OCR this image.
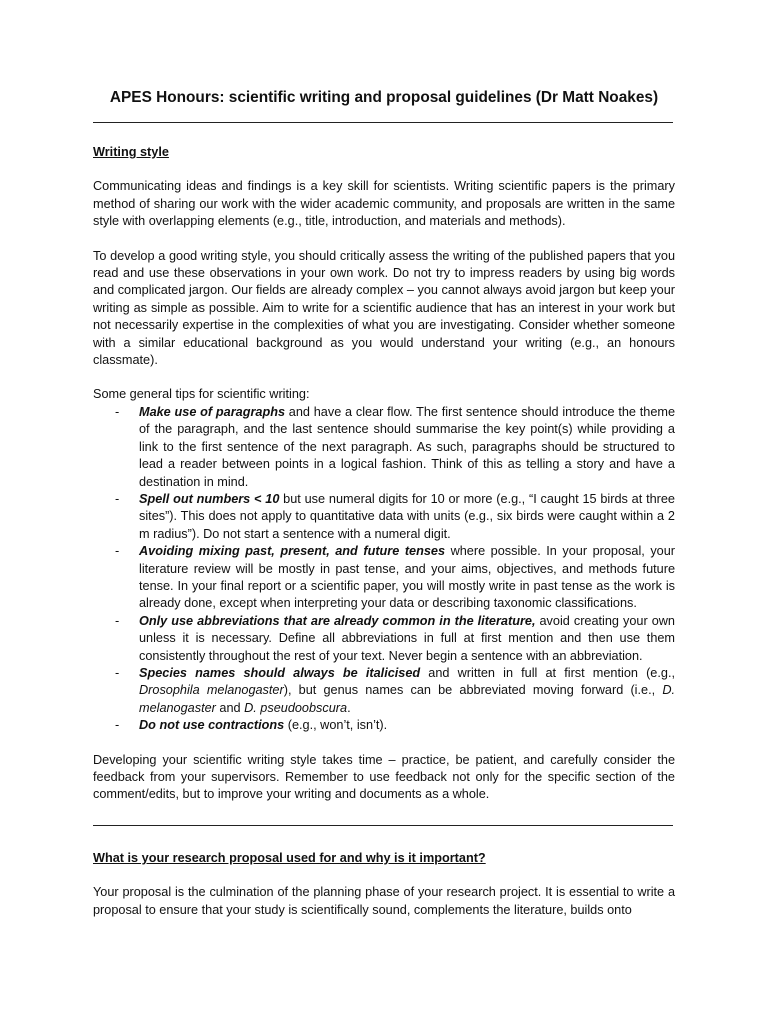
APES Honours: scientific writing and proposal guidelines (Dr Matt Noakes)

Writing style

Communicating ideas and findings is a key skill for scientists. Writing scientific papers is the primary method of sharing our work with the wider academic community, and proposals are written in the same style with overlapping elements (e.g., title, introduction, and materials and methods).

To develop a good writing style, you should critically assess the writing of the published papers that you read and use these observations in your own work. Do not try to impress readers by using big words and complicated jargon. Our fields are already complex – you cannot always avoid jargon but keep your writing as simple as possible. Aim to write for a scientific audience that has an interest in your work but not necessarily expertise in the complexities of what you are investigating. Consider whether someone with a similar educational background as you would understand your writing (e.g., an honours classmate).

Some general tips for scientific writing:

- Make use of paragraphs and have a clear flow. The first sentence should introduce the theme of the paragraph, and the last sentence should summarise the key point(s) while providing a link to the first sentence of the next paragraph. As such, paragraphs should be structured to lead a reader between points in a logical fashion. Think of this as telling a story and have a destination in mind.
- Spell out numbers < 10 but use numeral digits for 10 or more (e.g., “I caught 15 birds at three sites”). This does not apply to quantitative data with units (e.g., six birds were caught within a 2 m radius”). Do not start a sentence with a numeral digit.
- Avoiding mixing past, present, and future tenses where possible. In your proposal, your literature review will be mostly in past tense, and your aims, objectives, and methods future tense. In your final report or a scientific paper, you will mostly write in past tense as the work is already done, except when interpreting your data or describing taxonomic classifications.
- Only use abbreviations that are already common in the literature, avoid creating your own unless it is necessary. Define all abbreviations in full at first mention and then use them consistently throughout the rest of your text. Never begin a sentence with an abbreviation.
- Species names should always be italicised and written in full at first mention (e.g., Drosophila melanogaster), but genus names can be abbreviated moving forward (i.e., D. melanogaster and D. pseudoobscura.
- Do not use contractions (e.g., won’t, isn’t).

Developing your scientific writing style takes time – practice, be patient, and carefully consider the feedback from your supervisors. Remember to use feedback not only for the specific section of the comment/edits, but to improve your writing and documents as a whole.

What is your research proposal used for and why is it important?

Your proposal is the culmination of the planning phase of your research project. It is essential to write a proposal to ensure that your study is scientifically sound, complements the literature, builds onto
